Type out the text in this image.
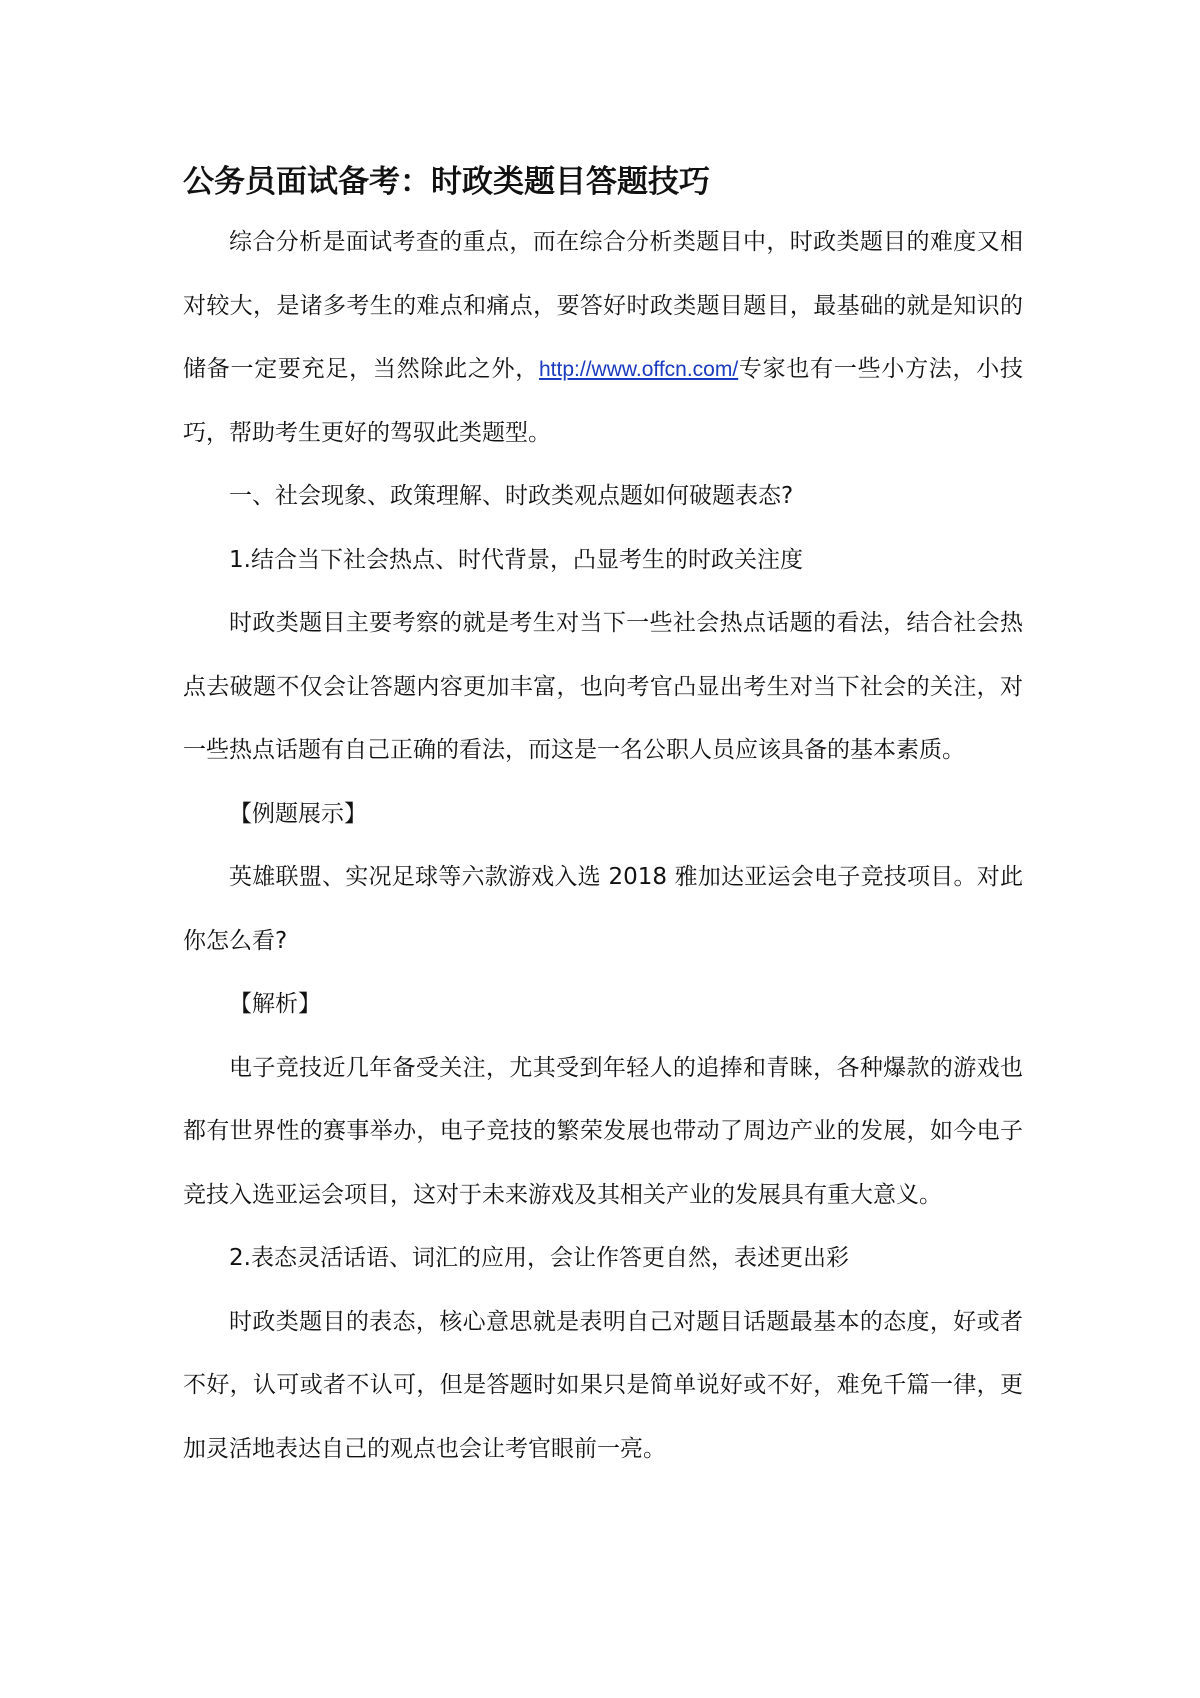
公务员面试备考：时政类题目答题技巧

综合分析是面试考查的重点，而在综合分析类题目中，时政类题目的难度又相对较大，是诸多考生的难点和痛点，要答好时政类题目题目，最基础的就是知识的储备一定要充足，当然除此之外，http://www.offcn.com/专家也有一些小方法，小技巧，帮助考生更好的驾驭此类题型。

一、社会现象、政策理解、时政类观点题如何破题表态?

1.结合当下社会热点、时代背景，凸显考生的时政关注度

时政类题目主要考察的就是考生对当下一些社会热点话题的看法，结合社会热点去破题不仅会让答题内容更加丰富，也向考官凸显出考生对当下社会的关注，对一些热点话题有自己正确的看法，而这是一名公职人员应该具备的基本素质。

【例题展示】

英雄联盟、实况足球等六款游戏入选 2018 雅加达亚运会电子竞技项目。对此你怎么看?

【解析】

电子竞技近几年备受关注，尤其受到年轻人的追捧和青睐，各种爆款的游戏也都有世界性的赛事举办，电子竞技的繁荣发展也带动了周边产业的发展，如今电子竞技入选亚运会项目，这对于未来游戏及其相关产业的发展具有重大意义。

2.表态灵活话语、词汇的应用，会让作答更自然，表述更出彩

时政类题目的表态，核心意思就是表明自己对题目话题最基本的态度，好或者不好，认可或者不认可，但是答题时如果只是简单说好或不好，难免千篇一律，更加灵活地表达自己的观点也会让考官眼前一亮。
